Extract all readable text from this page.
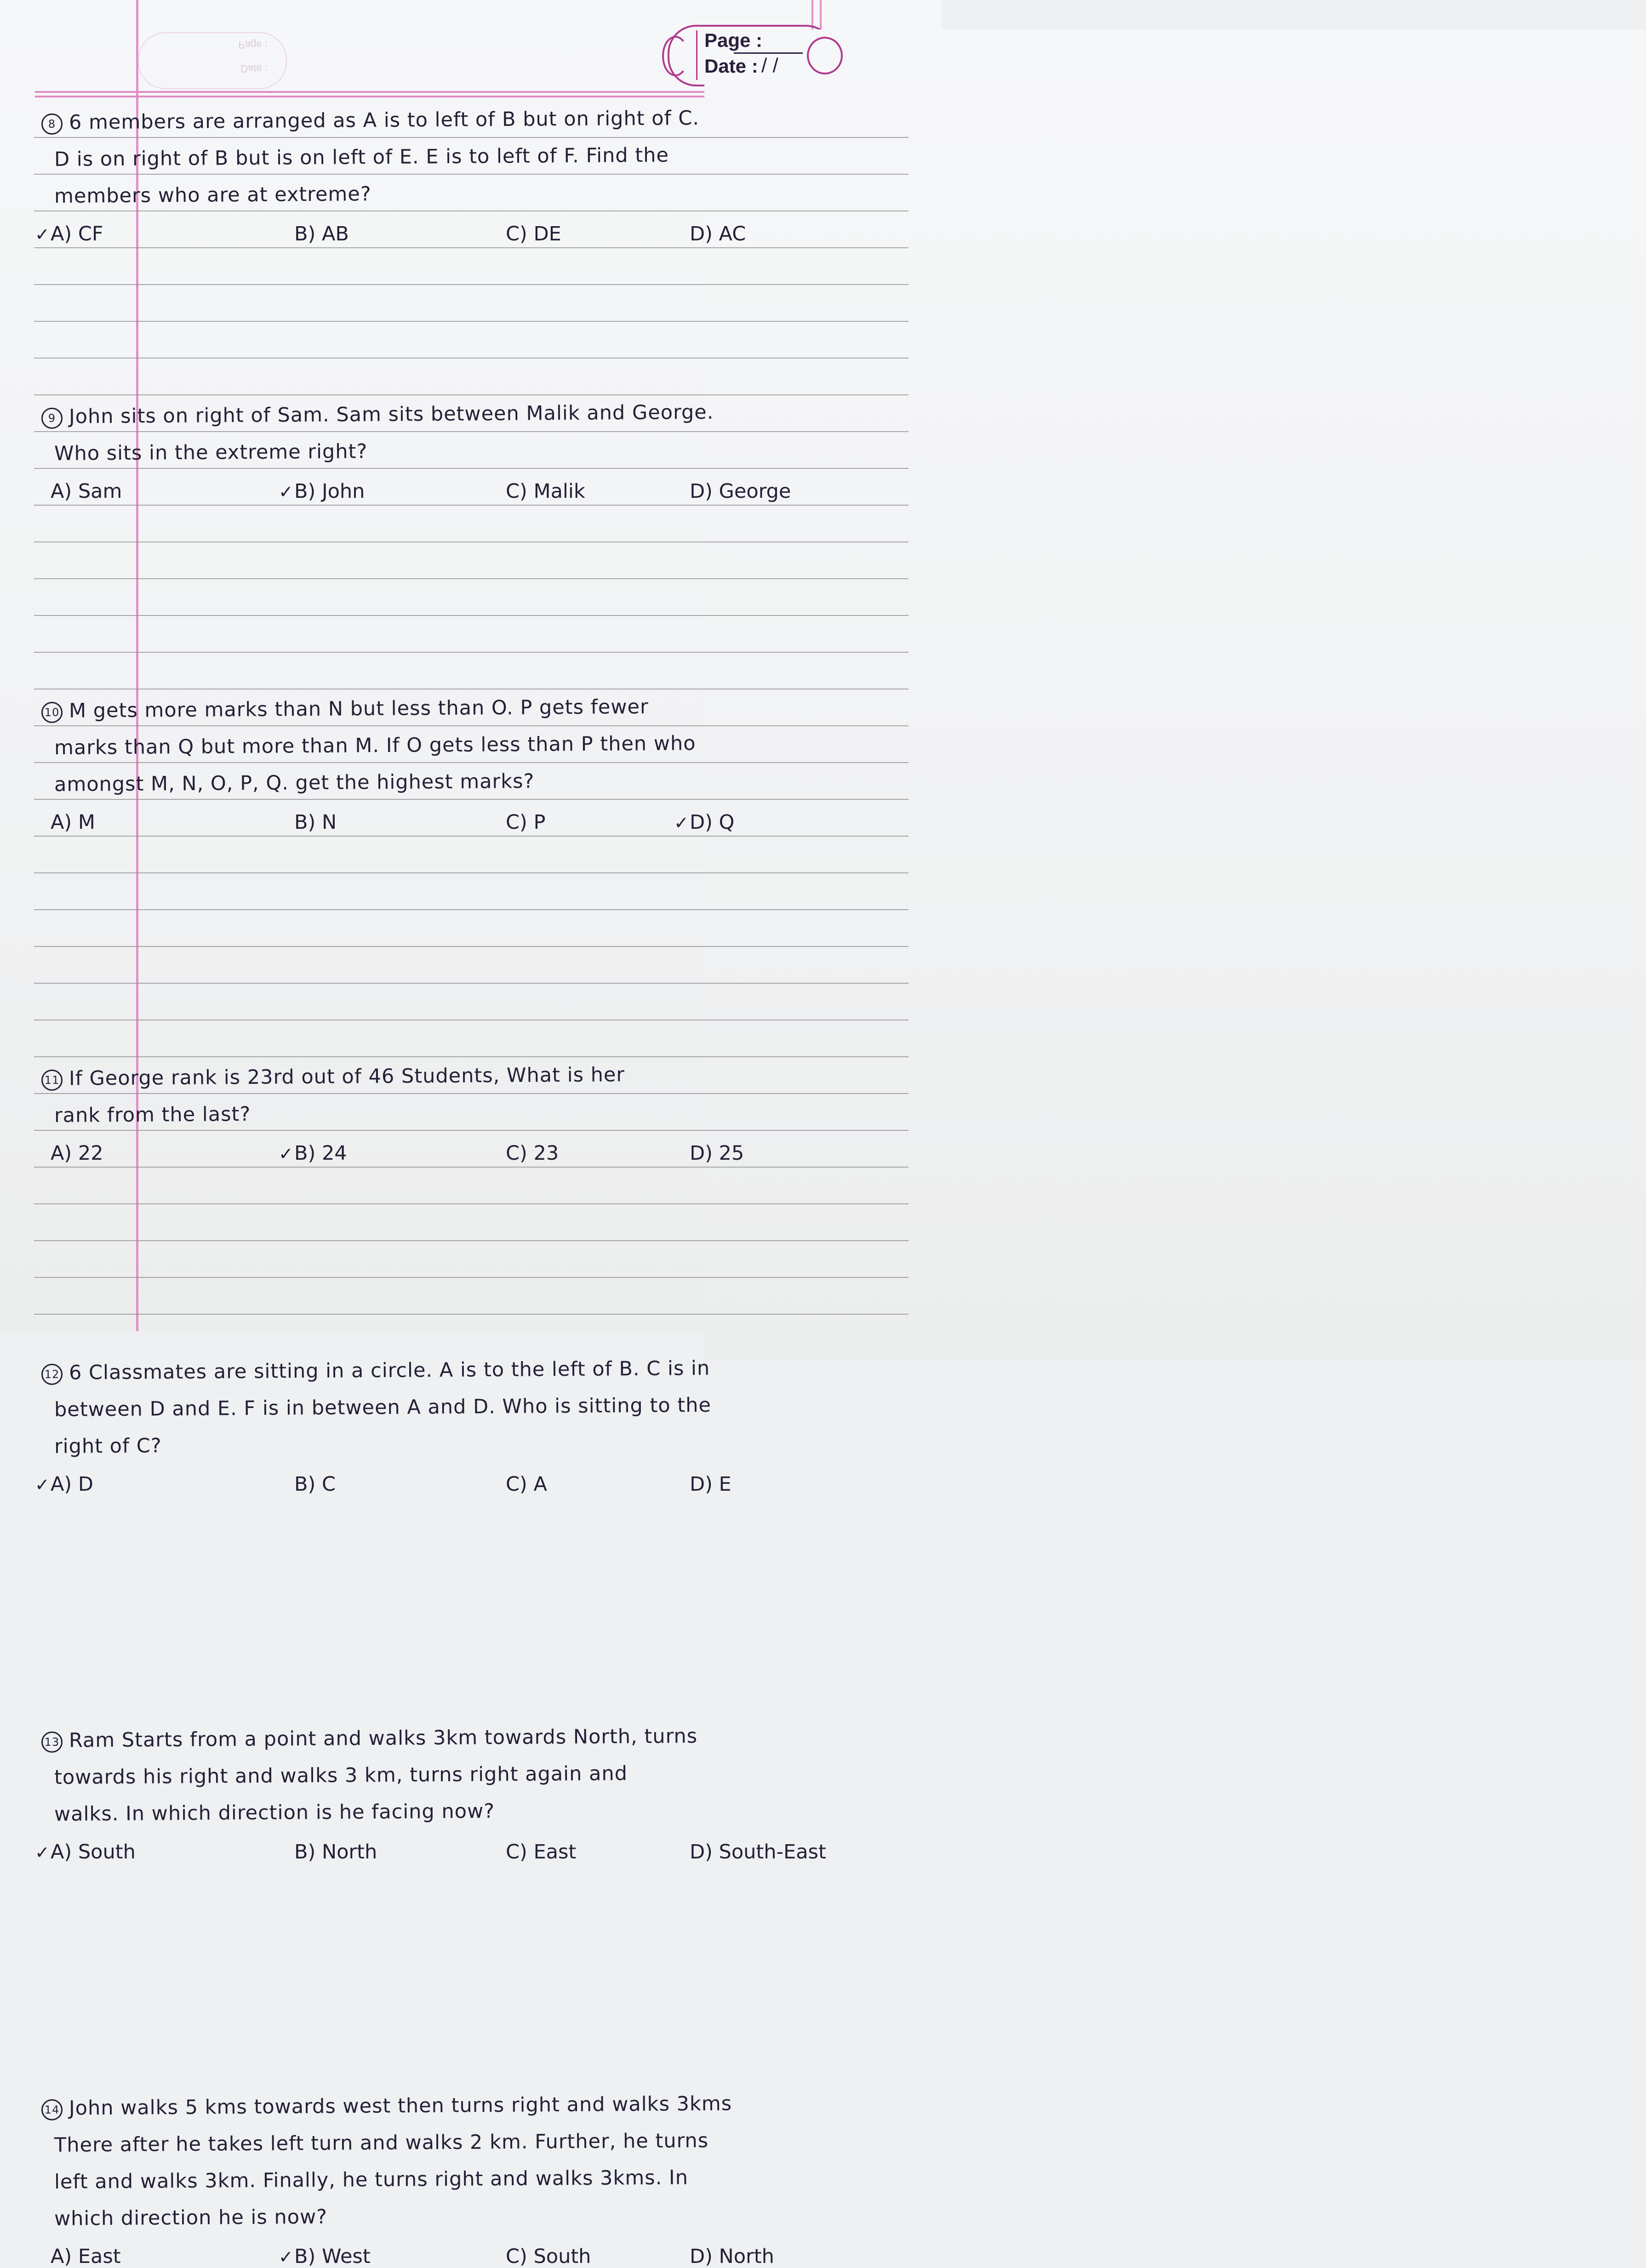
Page :
Date :
Page :
Date : / /
8 6 members are arranged as A is to left of B but on right of C.
D is on right of B but is on left of E. E is to left of F. Find the
members who are at extreme?
A) CF
✓	B) AB	C) DE	D) AC
9 John sits on right of Sam. Sam sits between Malik and George.
Who sits in the extreme right?
A) Sam	B) John
✓	C) Malik	D) George
10 M gets more marks than N but less than O. P gets fewer
marks than Q but more than M. If O gets less than P then who
amongst M, N, O, P, Q. get the highest marks?
A) M	B) N	C) P	D) Q
✓
11 If George rank is 23rd out of 46 Students, What is her
rank from the last?
A) 22	B) 24
✓	C) 23	D) 25
12 6 Classmates are sitting in a circle. A is to the left of B. C is in
between D and E. F is in between A and D. Who is sitting to the
right of C?
A) D
✓	B) C	C) A	D) E
13 Ram Starts from a point and walks 3km towards North, turns
towards his right and walks 3 km, turns right again and
walks. In which direction is he facing now?
A) South
✓	B) North	C) East	D) South-East
14 John walks 5 kms towards west then turns right and walks 3kms
There after he takes left turn and walks 2 km. Further, he turns
left and walks 3km. Finally, he turns right and walks 3kms. In
which direction he is now?
A) East	B) West
✓	C) South	D) North
